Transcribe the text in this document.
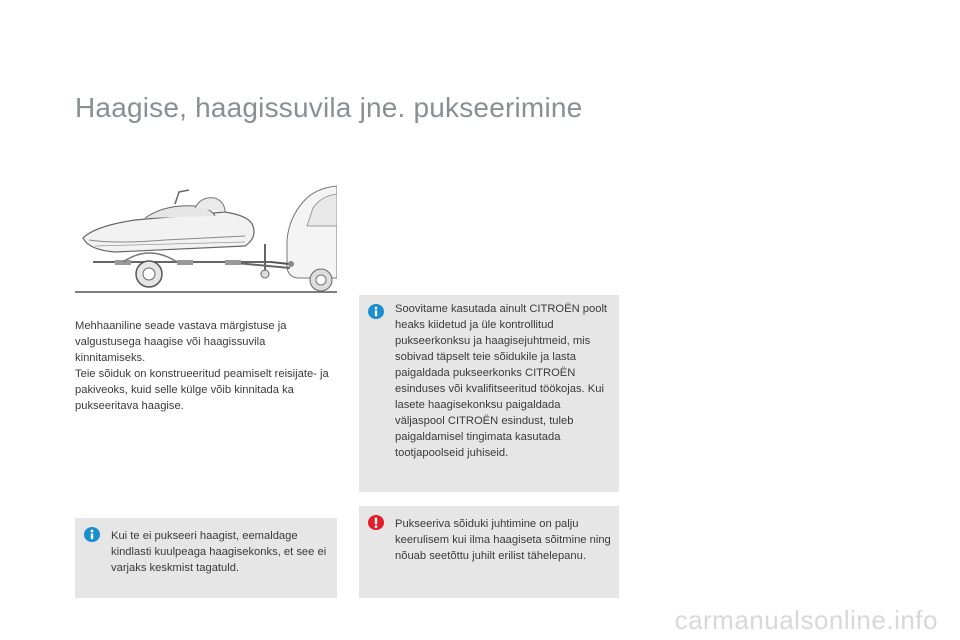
Haagise, haagissuvila jne. pukseerimine

Mehhaaniline seade vastava märgistuse ja valgustusega haagise või haagissuvila kinnitamiseks.

Teie sõiduk on konstrueeritud peamiselt reisijate- ja pakiveoks, kuid selle külge võib kinnitada ka pukseeritava haagise.

Soovitame kasutada ainult CITROËN poolt heaks kiidetud ja üle kontrollitud pukseerkonksu ja haagisejuhtmeid, mis sobivad täpselt teie sõidukile ja lasta paigaldada pukseerkonks CITROËN esinduses või kvalifitseeritud töökojas. Kui lasete haagisekonksu paigaldada väljaspool CITROËN esindust, tuleb paigaldamisel tingimata kasutada tootjapoolseid juhiseid.

Pukseeriva sõiduki juhtimine on palju keerulisem kui ilma haagiseta sõitmine ning nõuab seetõttu juhilt erilist tähelepanu.

Kui te ei pukseeri haagist, eemaldage kindlasti kuulpeaga haagisekonks, et see ei varjaks keskmist tagatuld.

carmanualsonline.info
